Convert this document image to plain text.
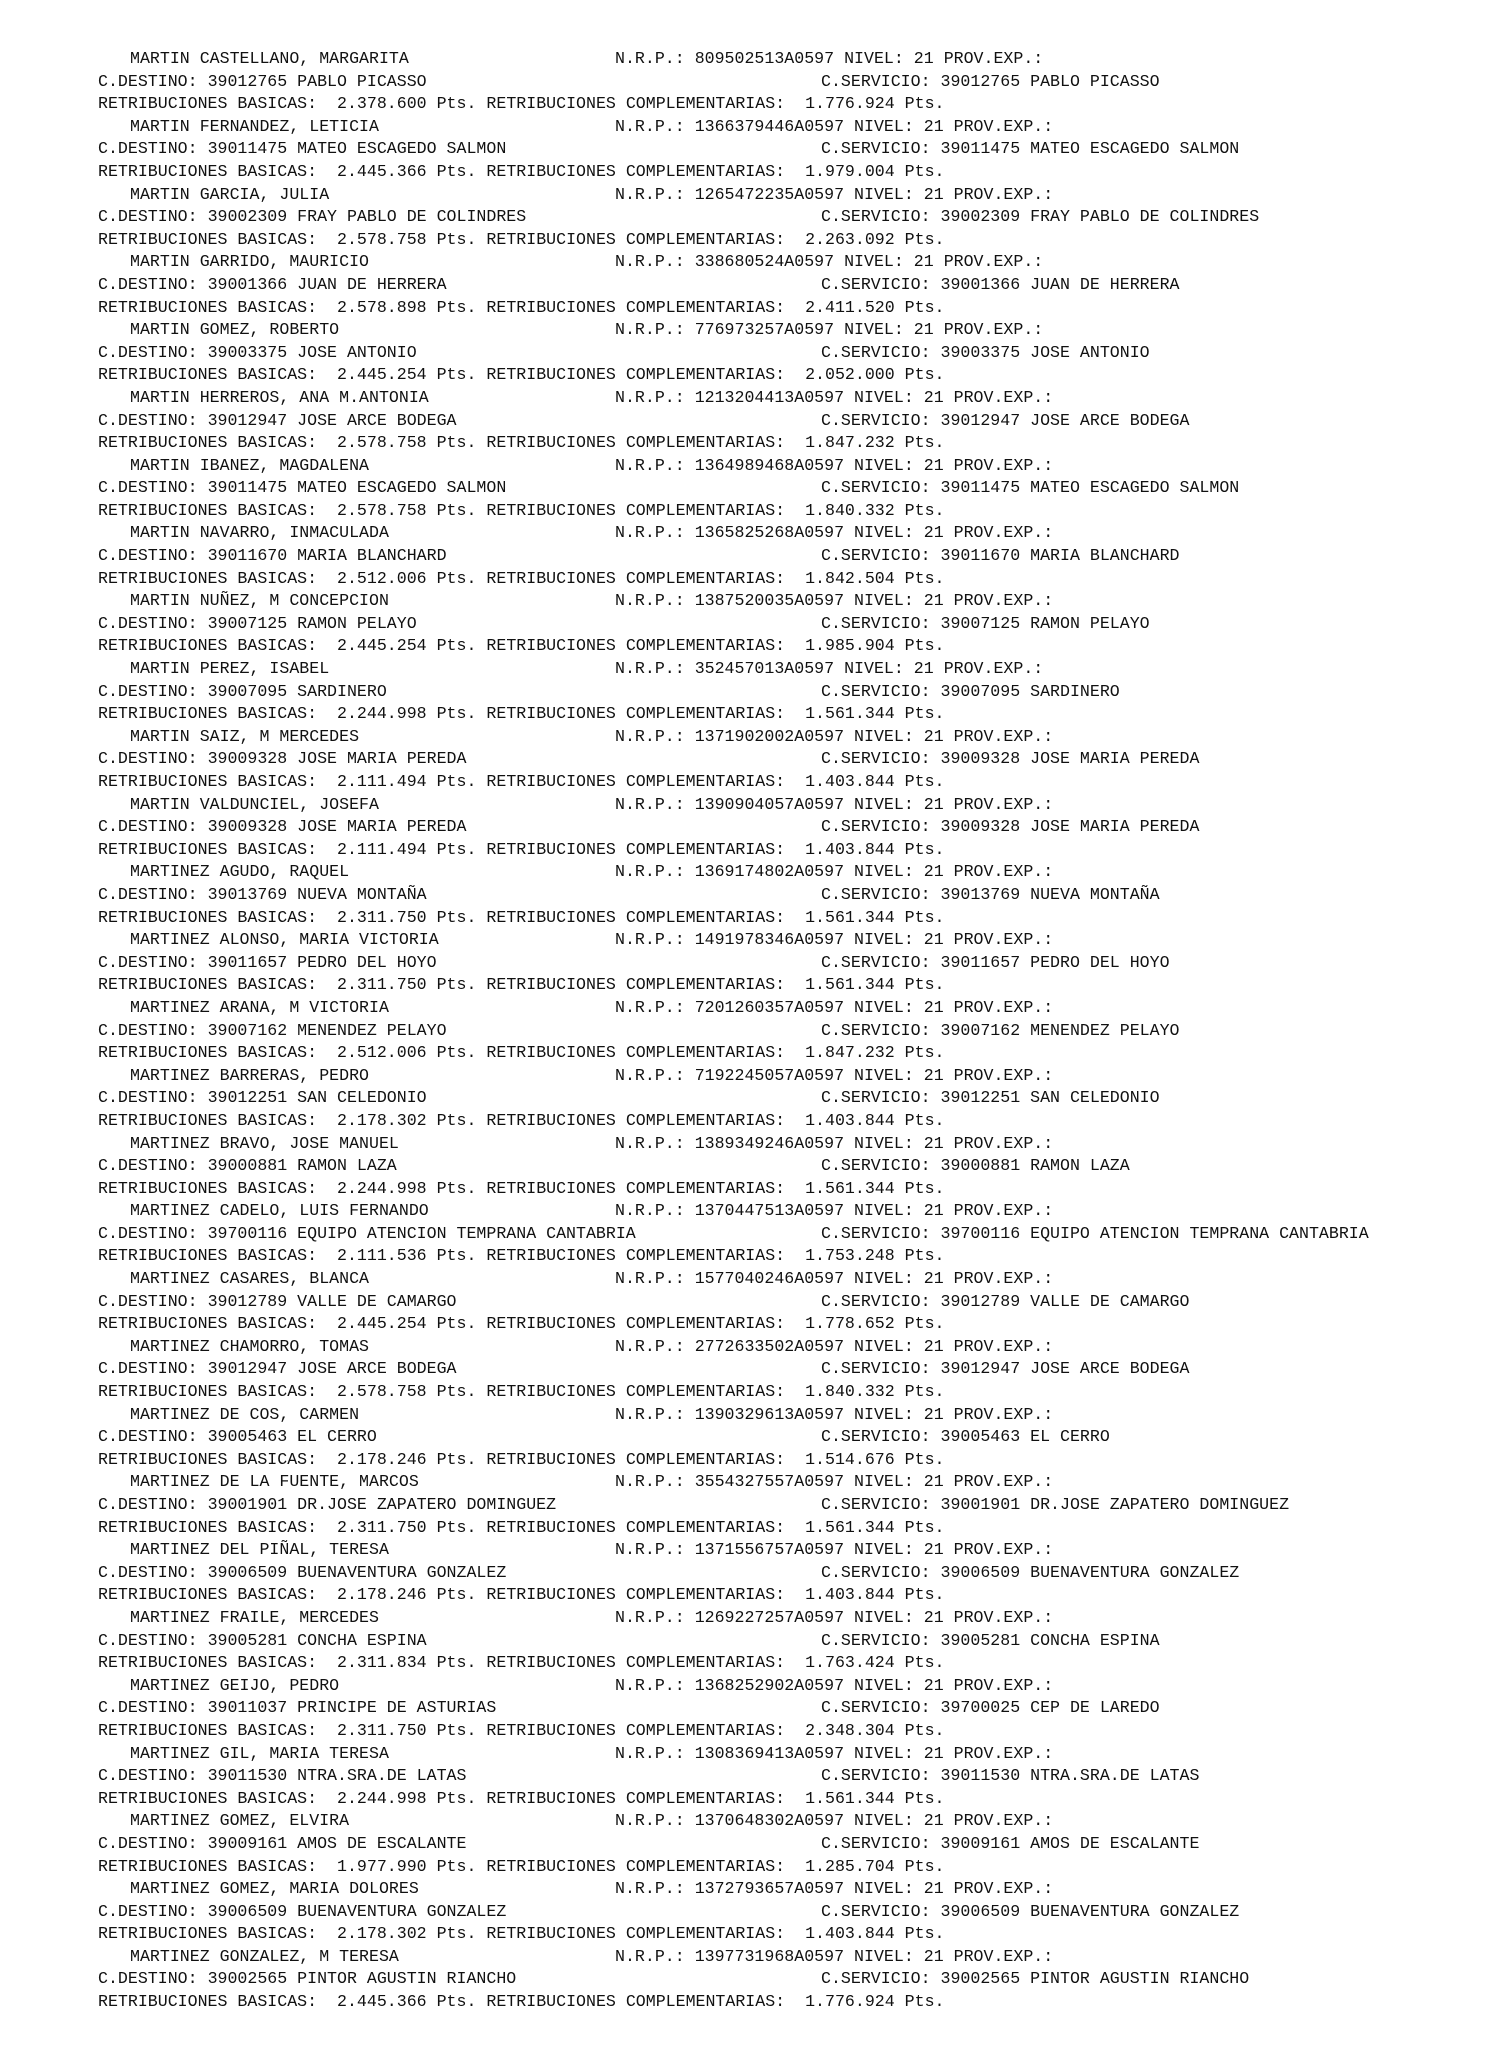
MARTIN CASTELLANO, MARGARITA

	N.R.P.: 809502513A0597 NIVEL: 21 PROV.EXP.:

C.DESTINO: 39012765 PABLO PICASSO

	C.SERVICIO: 39012765 PABLO PICASSO

RETRIBUCIONES BASICAS: 2.378.600 Pts. RETRIBUCIONES COMPLEMENTARIAS: 1.776.924 Pts.

MARTIN FERNANDEZ, LETICIA

	N.R.P.: 1366379446A0597 NIVEL: 21 PROV.EXP.:

C.DESTINO: 39011475 MATEO ESCAGEDO SALMON

	C.SERVICIO: 39011475 MATEO ESCAGEDO SALMON

RETRIBUCIONES BASICAS: 2.445.366 Pts. RETRIBUCIONES COMPLEMENTARIAS: 1.979.004 Pts.

MARTIN GARCIA, JULIA

	N.R.P.: 1265472235A0597 NIVEL: 21 PROV.EXP.:

C.DESTINO: 39002309 FRAY PABLO DE COLINDRES

	C.SERVICIO: 39002309 FRAY PABLO DE COLINDRES

RETRIBUCIONES BASICAS: 2.578.758 Pts. RETRIBUCIONES COMPLEMENTARIAS: 2.263.092 Pts.

MARTIN GARRIDO, MAURICIO

	N.R.P.: 338680524A0597 NIVEL: 21 PROV.EXP.:

C.DESTINO: 39001366 JUAN DE HERRERA

	C.SERVICIO: 39001366 JUAN DE HERRERA

RETRIBUCIONES BASICAS: 2.578.898 Pts. RETRIBUCIONES COMPLEMENTARIAS: 2.411.520 Pts.

MARTIN GOMEZ, ROBERTO

	N.R.P.: 776973257A0597 NIVEL: 21 PROV.EXP.:

C.DESTINO: 39003375 JOSE ANTONIO

	C.SERVICIO: 39003375 JOSE ANTONIO

RETRIBUCIONES BASICAS: 2.445.254 Pts. RETRIBUCIONES COMPLEMENTARIAS: 2.052.000 Pts.

MARTIN HERREROS, ANA M.ANTONIA

	N.R.P.: 1213204413A0597 NIVEL: 21 PROV.EXP.:

C.DESTINO: 39012947 JOSE ARCE BODEGA

	C.SERVICIO: 39012947 JOSE ARCE BODEGA

RETRIBUCIONES BASICAS: 2.578.758 Pts. RETRIBUCIONES COMPLEMENTARIAS: 1.847.232 Pts.

MARTIN IBANEZ, MAGDALENA

	N.R.P.: 1364989468A0597 NIVEL: 21 PROV.EXP.:

C.DESTINO: 39011475 MATEO ESCAGEDO SALMON

	C.SERVICIO: 39011475 MATEO ESCAGEDO SALMON

RETRIBUCIONES BASICAS: 2.578.758 Pts. RETRIBUCIONES COMPLEMENTARIAS: 1.840.332 Pts.

MARTIN NAVARRO, INMACULADA

	N.R.P.: 1365825268A0597 NIVEL: 21 PROV.EXP.:

C.DESTINO: 39011670 MARIA BLANCHARD

	C.SERVICIO: 39011670 MARIA BLANCHARD

RETRIBUCIONES BASICAS: 2.512.006 Pts. RETRIBUCIONES COMPLEMENTARIAS: 1.842.504 Pts.

MARTIN NUÑEZ, M CONCEPCION

	N.R.P.: 1387520035A0597 NIVEL: 21 PROV.EXP.:

C.DESTINO: 39007125 RAMON PELAYO

	C.SERVICIO: 39007125 RAMON PELAYO

RETRIBUCIONES BASICAS: 2.445.254 Pts. RETRIBUCIONES COMPLEMENTARIAS: 1.985.904 Pts.

MARTIN PEREZ, ISABEL

	N.R.P.: 352457013A0597 NIVEL: 21 PROV.EXP.:

C.DESTINO: 39007095 SARDINERO

	C.SERVICIO: 39007095 SARDINERO

RETRIBUCIONES BASICAS: 2.244.998 Pts. RETRIBUCIONES COMPLEMENTARIAS: 1.561.344 Pts.

MARTIN SAIZ, M MERCEDES

	N.R.P.: 1371902002A0597 NIVEL: 21 PROV.EXP.:

C.DESTINO: 39009328 JOSE MARIA PEREDA

	C.SERVICIO: 39009328 JOSE MARIA PEREDA

RETRIBUCIONES BASICAS: 2.111.494 Pts. RETRIBUCIONES COMPLEMENTARIAS: 1.403.844 Pts.

MARTIN VALDUNCIEL, JOSEFA

	N.R.P.: 1390904057A0597 NIVEL: 21 PROV.EXP.:

C.DESTINO: 39009328 JOSE MARIA PEREDA

	C.SERVICIO: 39009328 JOSE MARIA PEREDA

RETRIBUCIONES BASICAS: 2.111.494 Pts. RETRIBUCIONES COMPLEMENTARIAS: 1.403.844 Pts.

MARTINEZ AGUDO, RAQUEL

	N.R.P.: 1369174802A0597 NIVEL: 21 PROV.EXP.:

C.DESTINO: 39013769 NUEVA MONTAÑA

	C.SERVICIO: 39013769 NUEVA MONTAÑA

RETRIBUCIONES BASICAS: 2.311.750 Pts. RETRIBUCIONES COMPLEMENTARIAS: 1.561.344 Pts.

MARTINEZ ALONSO, MARIA VICTORIA

	N.R.P.: 1491978346A0597 NIVEL: 21 PROV.EXP.:

C.DESTINO: 39011657 PEDRO DEL HOYO

	C.SERVICIO: 39011657 PEDRO DEL HOYO

RETRIBUCIONES BASICAS: 2.311.750 Pts. RETRIBUCIONES COMPLEMENTARIAS: 1.561.344 Pts.

MARTINEZ ARANA, M VICTORIA

	N.R.P.: 7201260357A0597 NIVEL: 21 PROV.EXP.:

C.DESTINO: 39007162 MENENDEZ PELAYO

	C.SERVICIO: 39007162 MENENDEZ PELAYO

RETRIBUCIONES BASICAS: 2.512.006 Pts. RETRIBUCIONES COMPLEMENTARIAS: 1.847.232 Pts.

MARTINEZ BARRERAS, PEDRO

	N.R.P.: 7192245057A0597 NIVEL: 21 PROV.EXP.:

C.DESTINO: 39012251 SAN CELEDONIO

	C.SERVICIO: 39012251 SAN CELEDONIO

RETRIBUCIONES BASICAS: 2.178.302 Pts. RETRIBUCIONES COMPLEMENTARIAS: 1.403.844 Pts.

MARTINEZ BRAVO, JOSE MANUEL

	N.R.P.: 1389349246A0597 NIVEL: 21 PROV.EXP.:

C.DESTINO: 39000881 RAMON LAZA

	C.SERVICIO: 39000881 RAMON LAZA

RETRIBUCIONES BASICAS: 2.244.998 Pts. RETRIBUCIONES COMPLEMENTARIAS: 1.561.344 Pts.

MARTINEZ CADELO, LUIS FERNANDO

	N.R.P.: 1370447513A0597 NIVEL: 21 PROV.EXP.:

C.DESTINO: 39700116 EQUIPO ATENCION TEMPRANA CANTABRIA

	C.SERVICIO: 39700116 EQUIPO ATENCION TEMPRANA CANTABRIA

RETRIBUCIONES BASICAS: 2.111.536 Pts. RETRIBUCIONES COMPLEMENTARIAS: 1.753.248 Pts.

MARTINEZ CASARES, BLANCA

	N.R.P.: 1577040246A0597 NIVEL: 21 PROV.EXP.:

C.DESTINO: 39012789 VALLE DE CAMARGO

	C.SERVICIO: 39012789 VALLE DE CAMARGO

RETRIBUCIONES BASICAS: 2.445.254 Pts. RETRIBUCIONES COMPLEMENTARIAS: 1.778.652 Pts.

MARTINEZ CHAMORRO, TOMAS

	N.R.P.: 2772633502A0597 NIVEL: 21 PROV.EXP.:

C.DESTINO: 39012947 JOSE ARCE BODEGA

	C.SERVICIO: 39012947 JOSE ARCE BODEGA

RETRIBUCIONES BASICAS: 2.578.758 Pts. RETRIBUCIONES COMPLEMENTARIAS: 1.840.332 Pts.

MARTINEZ DE COS, CARMEN

	N.R.P.: 1390329613A0597 NIVEL: 21 PROV.EXP.:

C.DESTINO: 39005463 EL CERRO

	C.SERVICIO: 39005463 EL CERRO

RETRIBUCIONES BASICAS: 2.178.246 Pts. RETRIBUCIONES COMPLEMENTARIAS: 1.514.676 Pts.

MARTINEZ DE LA FUENTE, MARCOS

	N.R.P.: 3554327557A0597 NIVEL: 21 PROV.EXP.:

C.DESTINO: 39001901 DR.JOSE ZAPATERO DOMINGUEZ

	C.SERVICIO: 39001901 DR.JOSE ZAPATERO DOMINGUEZ

RETRIBUCIONES BASICAS: 2.311.750 Pts. RETRIBUCIONES COMPLEMENTARIAS: 1.561.344 Pts.

MARTINEZ DEL PIÑAL, TERESA

	N.R.P.: 1371556757A0597 NIVEL: 21 PROV.EXP.:

C.DESTINO: 39006509 BUENAVENTURA GONZALEZ

	C.SERVICIO: 39006509 BUENAVENTURA GONZALEZ

RETRIBUCIONES BASICAS: 2.178.246 Pts. RETRIBUCIONES COMPLEMENTARIAS: 1.403.844 Pts.

MARTINEZ FRAILE, MERCEDES

	N.R.P.: 1269227257A0597 NIVEL: 21 PROV.EXP.:

C.DESTINO: 39005281 CONCHA ESPINA

	C.SERVICIO: 39005281 CONCHA ESPINA

RETRIBUCIONES BASICAS: 2.311.834 Pts. RETRIBUCIONES COMPLEMENTARIAS: 1.763.424 Pts.

MARTINEZ GEIJO, PEDRO

	N.R.P.: 1368252902A0597 NIVEL: 21 PROV.EXP.:

C.DESTINO: 39011037 PRINCIPE DE ASTURIAS

	C.SERVICIO: 39700025 CEP DE LAREDO

RETRIBUCIONES BASICAS: 2.311.750 Pts. RETRIBUCIONES COMPLEMENTARIAS: 2.348.304 Pts.

MARTINEZ GIL, MARIA TERESA

	N.R.P.: 1308369413A0597 NIVEL: 21 PROV.EXP.:

C.DESTINO: 39011530 NTRA.SRA.DE LATAS

	C.SERVICIO: 39011530 NTRA.SRA.DE LATAS

RETRIBUCIONES BASICAS: 2.244.998 Pts. RETRIBUCIONES COMPLEMENTARIAS: 1.561.344 Pts.

MARTINEZ GOMEZ, ELVIRA

	N.R.P.: 1370648302A0597 NIVEL: 21 PROV.EXP.:

C.DESTINO: 39009161 AMOS DE ESCALANTE

	C.SERVICIO: 39009161 AMOS DE ESCALANTE

RETRIBUCIONES BASICAS: 1.977.990 Pts. RETRIBUCIONES COMPLEMENTARIAS: 1.285.704 Pts.

MARTINEZ GOMEZ, MARIA DOLORES

	N.R.P.: 1372793657A0597 NIVEL: 21 PROV.EXP.:

C.DESTINO: 39006509 BUENAVENTURA GONZALEZ

	C.SERVICIO: 39006509 BUENAVENTURA GONZALEZ

RETRIBUCIONES BASICAS: 2.178.302 Pts. RETRIBUCIONES COMPLEMENTARIAS: 1.403.844 Pts.

MARTINEZ GONZALEZ, M TERESA

	N.R.P.: 1397731968A0597 NIVEL: 21 PROV.EXP.:

C.DESTINO: 39002565 PINTOR AGUSTIN RIANCHO

	C.SERVICIO: 39002565 PINTOR AGUSTIN RIANCHO

RETRIBUCIONES BASICAS: 2.445.366 Pts. RETRIBUCIONES COMPLEMENTARIAS: 1.776.924 Pts.
